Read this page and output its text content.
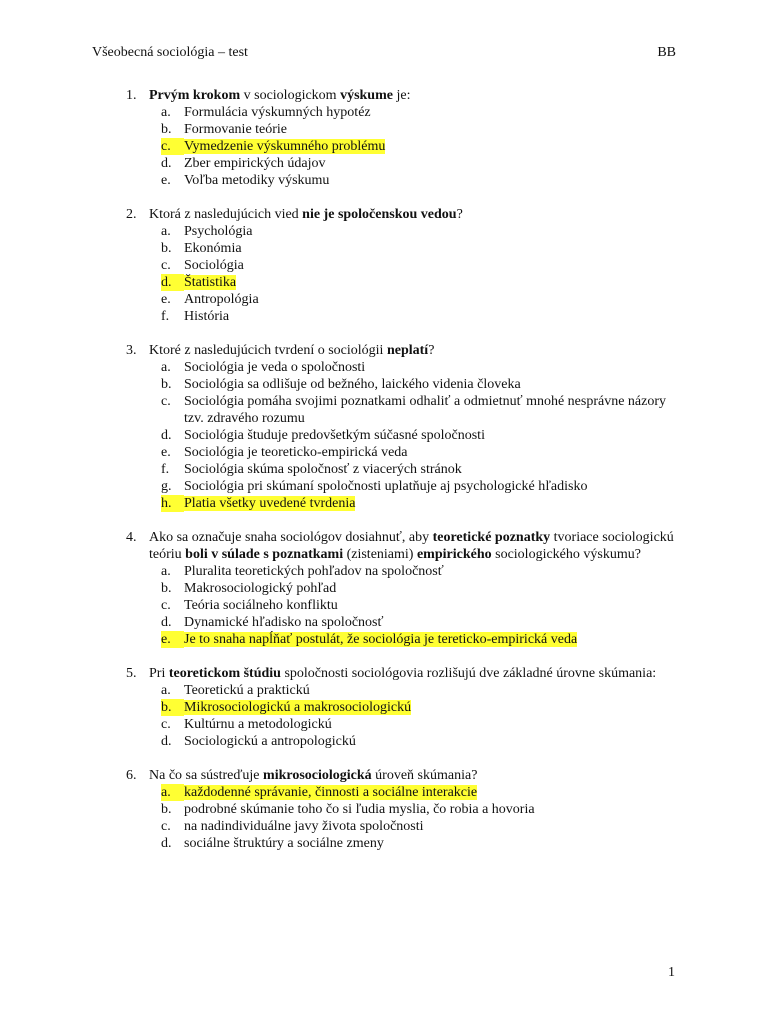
Všeobecná sociológia – test	BB
1. Prvým krokom v sociologickom výskume je:
a. Formulácia výskumných hypotéz
b. Formovanie teórie
c. Vymedzenie výskumného problému
d. Zber empirických údajov
e. Voľba metodiky výskumu
2. Ktorá z nasledujúcich vied nie je spoločenskou vedou?
a. Psychológia
b. Ekonómia
c. Sociológia
d. Štatistika
e. Antropológia
f.	História
3. Ktoré z nasledujúcich tvrdení o sociológii neplatí?
a. Sociológia je veda o spoločnosti
b. Sociológia sa odlišuje od bežného, laického videnia človeka
c. Sociológia pomáha svojimi poznatkami odhaliť a odmietnuť mnohé nesprávne názory tzv. zdravého rozumu
d. Sociológia študuje predovšetkým súčasné spoločnosti
e. Sociológia je teoreticko-empirická veda
f.	Sociológia skúma spoločnosť z viacerých stránok
g. Sociológia pri skúmaní spoločnosti uplatňuje aj psychologické hľadisko
h. Platia všetky uvedené tvrdenia
4. Ako sa označuje snaha sociológov dosiahnuť, aby teoretické poznatky tvoriace sociologickú teóriu boli v súlade s poznatkami (zisteniami) empirického sociologického výskumu?
a. Pluralita teoretických pohľadov na spoločnosť
b. Makrosociologický pohľad
c. Teória sociálneho konfliktu
d. Dynamické hľadisko na spoločnosť
e. Je to snaha napĺňať postulát, že sociológia je tereticko-empirická veda
5. Pri teoretickom štúdiu spoločnosti sociológovia rozlišujú dve základné úrovne skúmania:
a. Teoretickú a praktickú
b. Mikrosociologickú a makrosociologickú
c. Kultúrnu a metodologickú
d. Sociologickú a antropologickú
6. Na čo sa sústreďuje mikrosociologická úroveň skúmania?
a. každodenné správanie, činnosti a sociálne interakcie
b. podrobné skúmanie toho čo si ľudia myslia, čo robia a hovoria
c. na nadindividuálne javy života spoločnosti
d. sociálne štruktúry a sociálne zmeny
1
